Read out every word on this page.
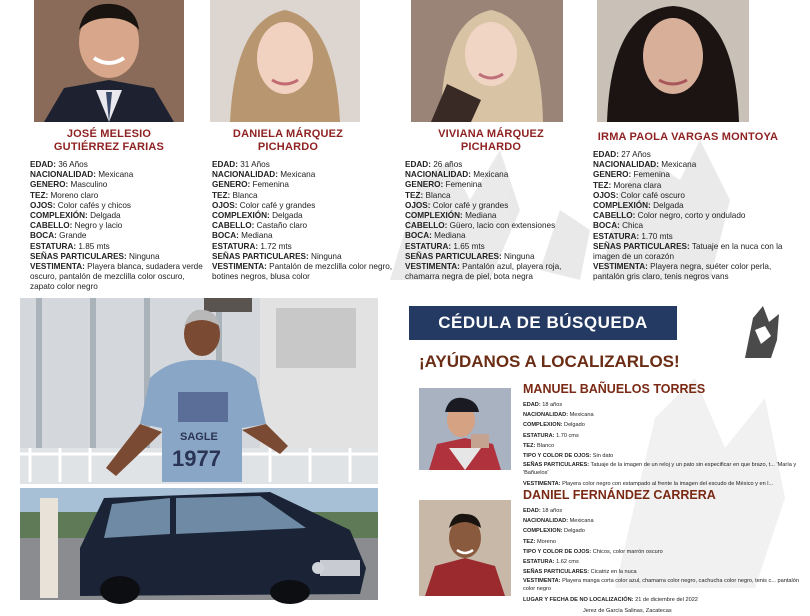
JOSÉ MELESIO GUTIÉRREZ FARIAS
EDAD: 36 Años
NACIONALIDAD: Mexicana
GENERO: Masculino
TEZ: Moreno claro
OJOS: Color cafés y chicos
COMPLEXIÓN: Delgada
CABELLO: Negro y lacio
BOCA: Grande
ESTATURA: 1.85 mts
SEÑAS PARTICULARES: Ninguna
VESTIMENTA: Playera blanca, sudadera verde oscuro, pantalón de mezclilla color oscuro, zapato color negro
DANIELA MÁRQUEZ PICHARDO
EDAD: 31 Años
NACIONALIDAD: Mexicana
GENERO: Femenina
TEZ: Blanca
OJOS: Color café y grandes
COMPLEXIÓN: Delgada
CABELLO: Castaño claro
BOCA: Mediana
ESTATURA: 1.72 mts
SEÑAS PARTICULARES: Ninguna
VESTIMENTA: Pantalón de mezclilla color negro, botines negros, blusa color
VIVIANA MÁRQUEZ PICHARDO
EDAD: 26 años
NACIONALIDAD: Mexicana
GENERO: Femenina
TEZ: Blanca
OJOS: Color café y grandes
COMPLEXIÓN: Mediana
CABELLO: Güero, lacio con extensiones
BOCA: Mediana
ESTATURA: 1.65 mts
SEÑAS PARTICULARES: Ninguna
VESTIMENTA: Pantalón azul, playera roja, chamarra negra de piel, bota negra
IRMA PAOLA VARGAS MONTOYA
EDAD: 27 Años
NACIONALIDAD: Mexicana
GENERO: Femenina
TEZ: Morena clara
OJOS: Color café oscuro
COMPLEXIÓN: Delgada
CABELLO: Color negro, corto y ondulado
BOCA: Chica
ESTATURA: 1.70 mts
SEÑAS PARTICULARES: Tatuaje en la nuca con la imagen de un corazón
VESTIMENTA: Playera negra, suéter color perla, pantalón gris claro, tenis negros vans
SAGLE
1977
CÉDULA DE BÚSQUEDA
¡AYÚDANOS A LOCALIZARLOS!
MANUEL BAÑUELOS TORRES
EDAD: 18 años
NACIONALIDAD: Mexicana
COMPLEXION: Delgado
ESTATURA: 1.70 cms
TEZ: Blanco
TIPO Y COLOR DE OJOS: Sin dato
SEÑAS PARTICULARES: Tatuaje de la imagen de un reloj y un pato sin especificar en que brazo, t... 'María y 'Bañuelos'
VESTIMENTA: Playera color negro con estampado al frente la imagen del escudo de México y en l...
DANIEL FERNÁNDEZ CARRERA
EDAD: 18 años
NACIONALIDAD: Mexicana
COMPLEXION: Delgado
TEZ: Moreno
TIPO Y COLOR DE OJOS: Chicos, color marrón oscuro
ESTATURA: 1.62 cms
SEÑAS PARTICULARES: Cicatriz en la nuca
VESTIMENTA: Playera manga corta color azul, chamarra color negro, cachucha color negro, tenis c... pantalón color negro
LUGAR Y FECHA DE NO LOCALIZACIÓN: 21 de diciembre del 2022
Jerez de García Salinas, Zacatecas
